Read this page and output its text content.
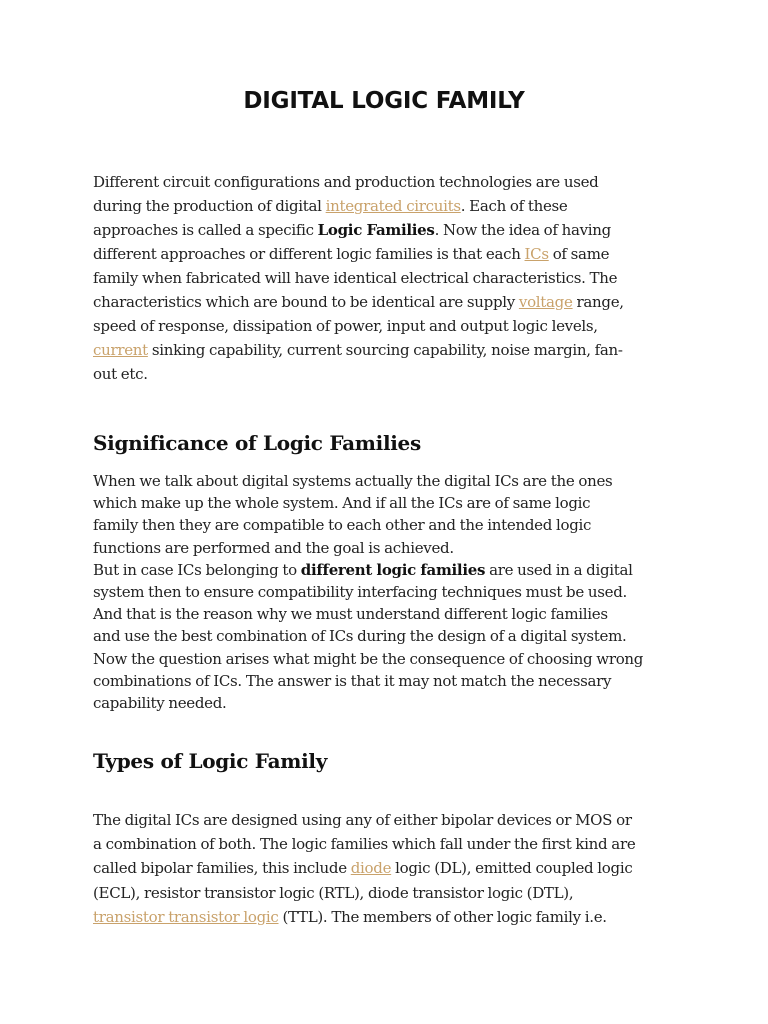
DIGITAL LOGIC FAMILY

Different circuit configurations and production technologies are used
during the production of digital integrated circuits. Each of these
approaches is called a specific Logic Families. Now the idea of having
different approaches or different logic families is that each ICs of same
family when fabricated will have identical electrical characteristics. The
characteristics which are bound to be identical are supply voltage range,
speed of response, dissipation of power, input and output logic levels,
current sinking capability, current sourcing capability, noise margin, fan-
out etc.

Significance of Logic Families

When we talk about digital systems actually the digital ICs are the ones
which make up the whole system. And if all the ICs are of same logic
family then they are compatible to each other and the intended logic
functions are performed and the goal is achieved.
But in case ICs belonging to different logic families are used in a digital
system then to ensure compatibility interfacing techniques must be used.
And that is the reason why we must understand different logic families
and use the best combination of ICs during the design of a digital system.
Now the question arises what might be the consequence of choosing wrong
combinations of ICs. The answer is that it may not match the necessary
capability needed.

Types of Logic Family

The digital ICs are designed using any of either bipolar devices or MOS or
a combination of both. The logic families which fall under the first kind are
called bipolar families, this include diode logic (DL), emitted coupled logic
(ECL), resistor transistor logic (RTL), diode transistor logic (DTL),
transistor transistor logic (TTL). The members of other logic family i.e.
